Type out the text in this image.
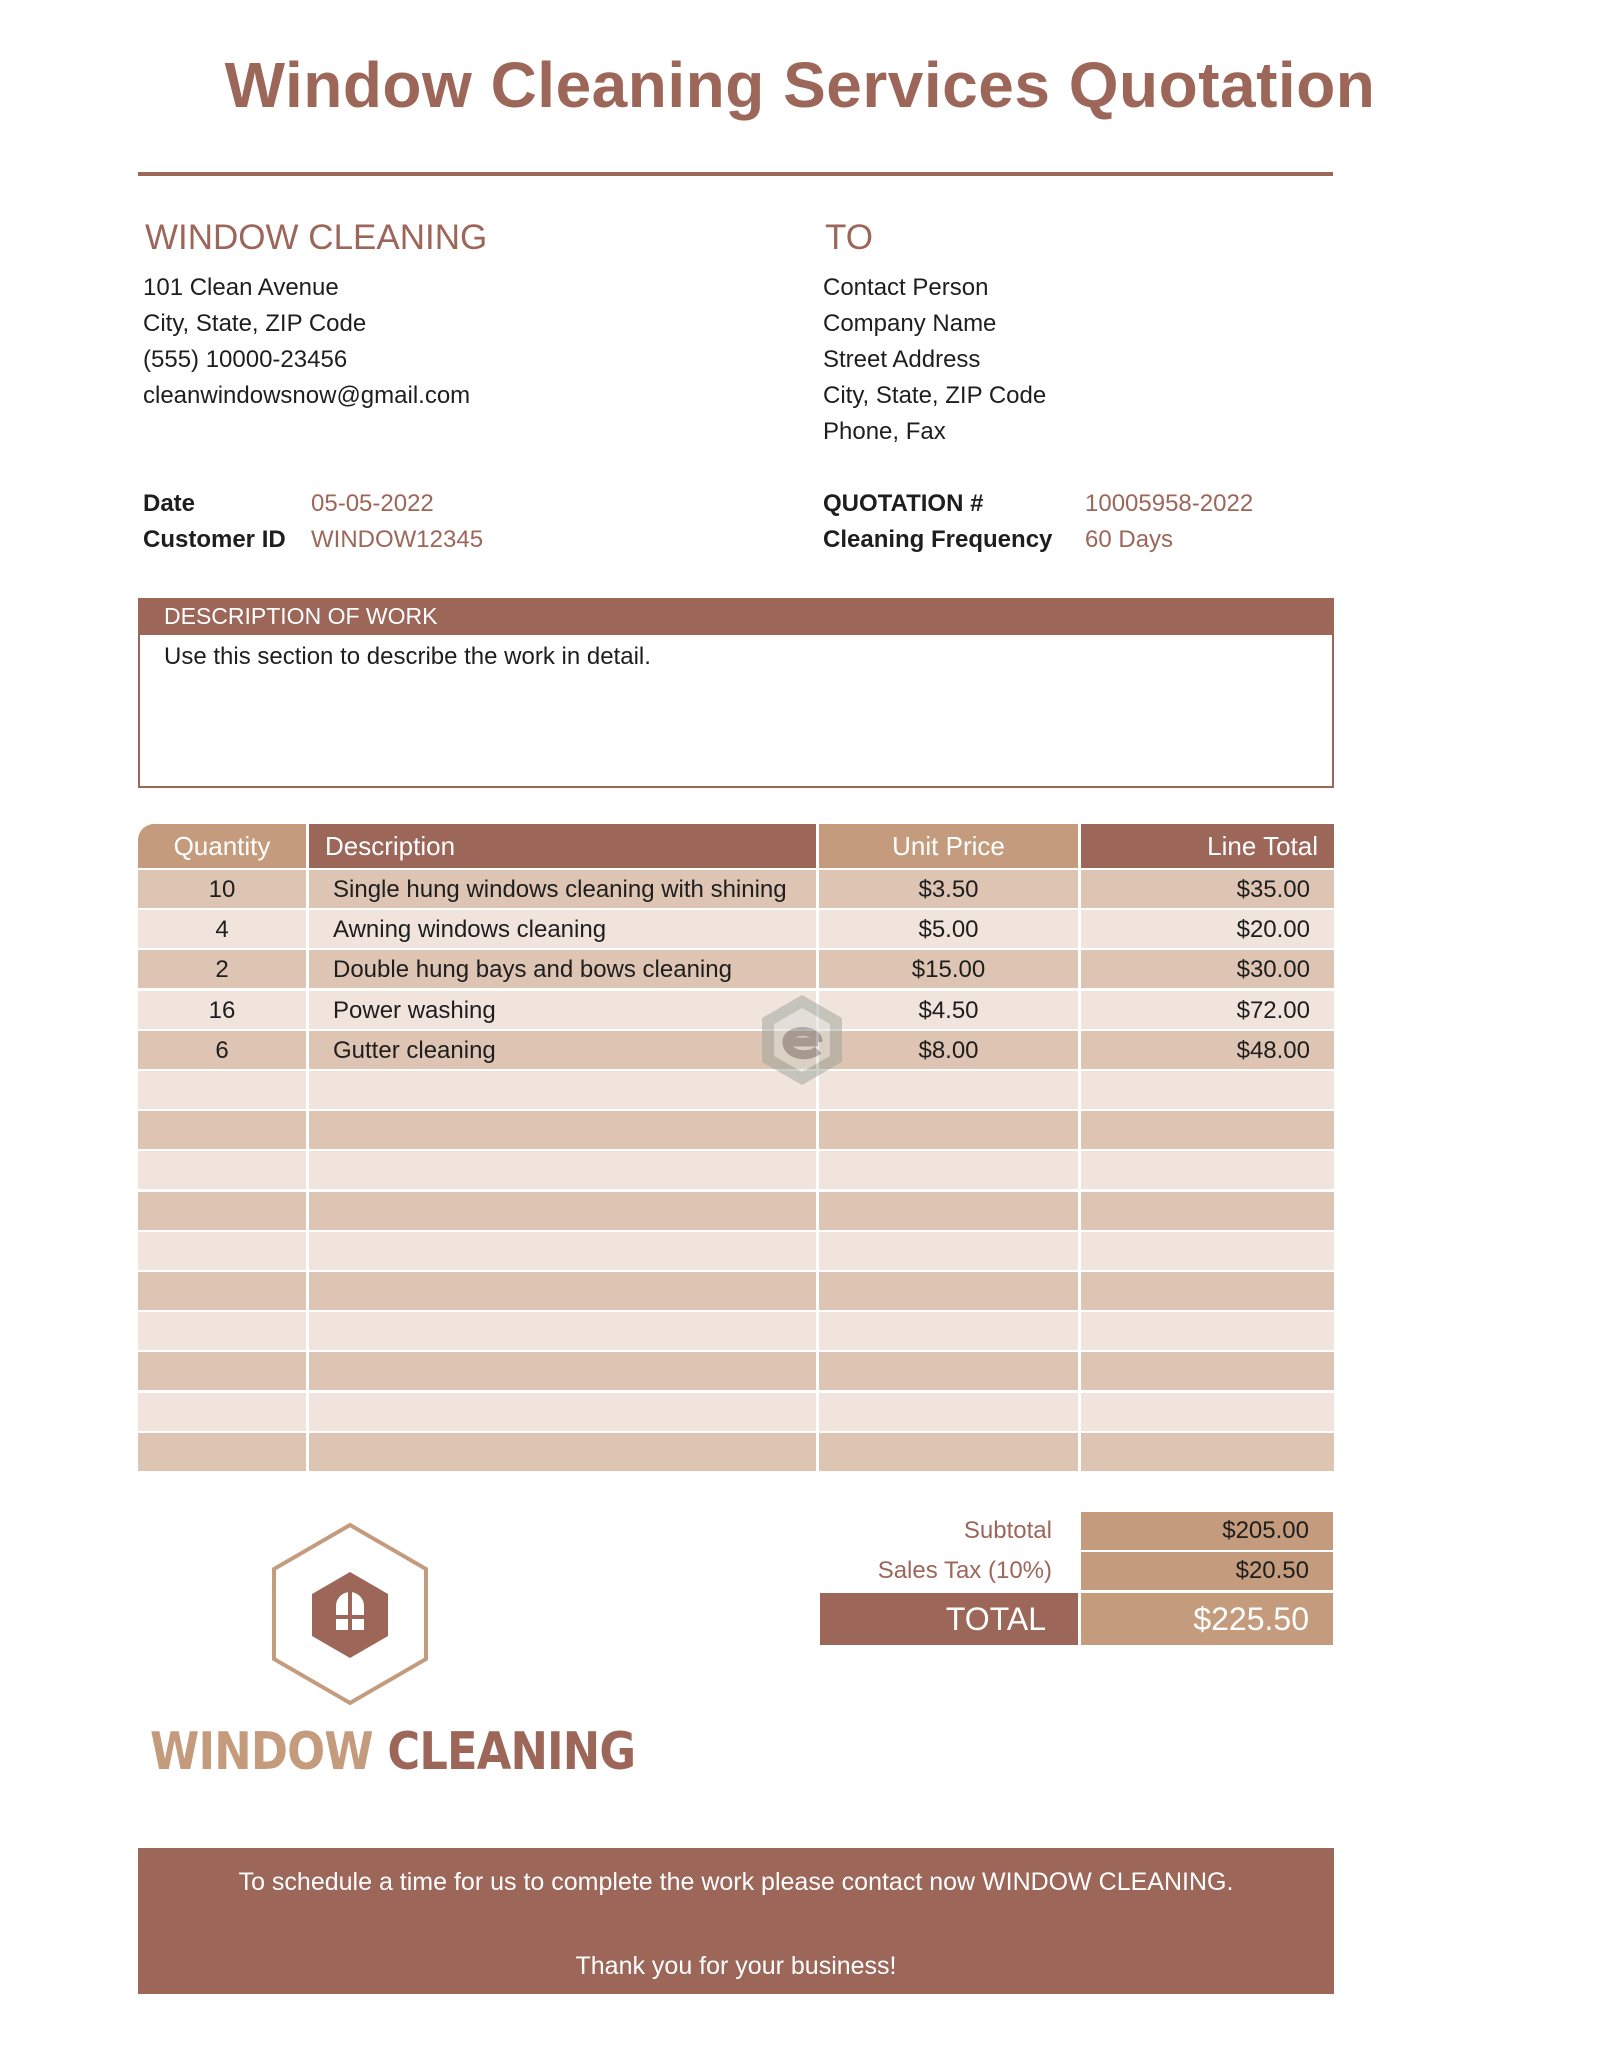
Window Cleaning Services Quotation
WINDOW CLEANING
101 Clean Avenue
City, State, ZIP Code
(555) 10000-23456
cleanwindowsnow@gmail.com
TO
Contact Person
Company Name
Street Address
City, State, ZIP Code
Phone, Fax
Date	05-05-2022
Customer ID WINDOW12345
QUOTATION #	10005958-2022
Cleaning Frequency 60 Days
DESCRIPTION OF WORK
Use this section to describe the work in detail.
Quantity	Description	Unit Price	Line Total
10	Single hung windows cleaning with shining	$3.50	$35.00
4	Awning windows cleaning	$5.00	$20.00
2	Double hung bays and bows cleaning	$15.00	$30.00
16	Power washing	$4.50	$72.00
6	Gutter cleaning	$8.00	$48.00
Subtotal	$205.00
Sales Tax (10%)	$20.50
TOTAL	$225.50
WINDOW CLEANING
To schedule a time for us to complete the work please contact now WINDOW CLEANING.
Thank you for your business!
